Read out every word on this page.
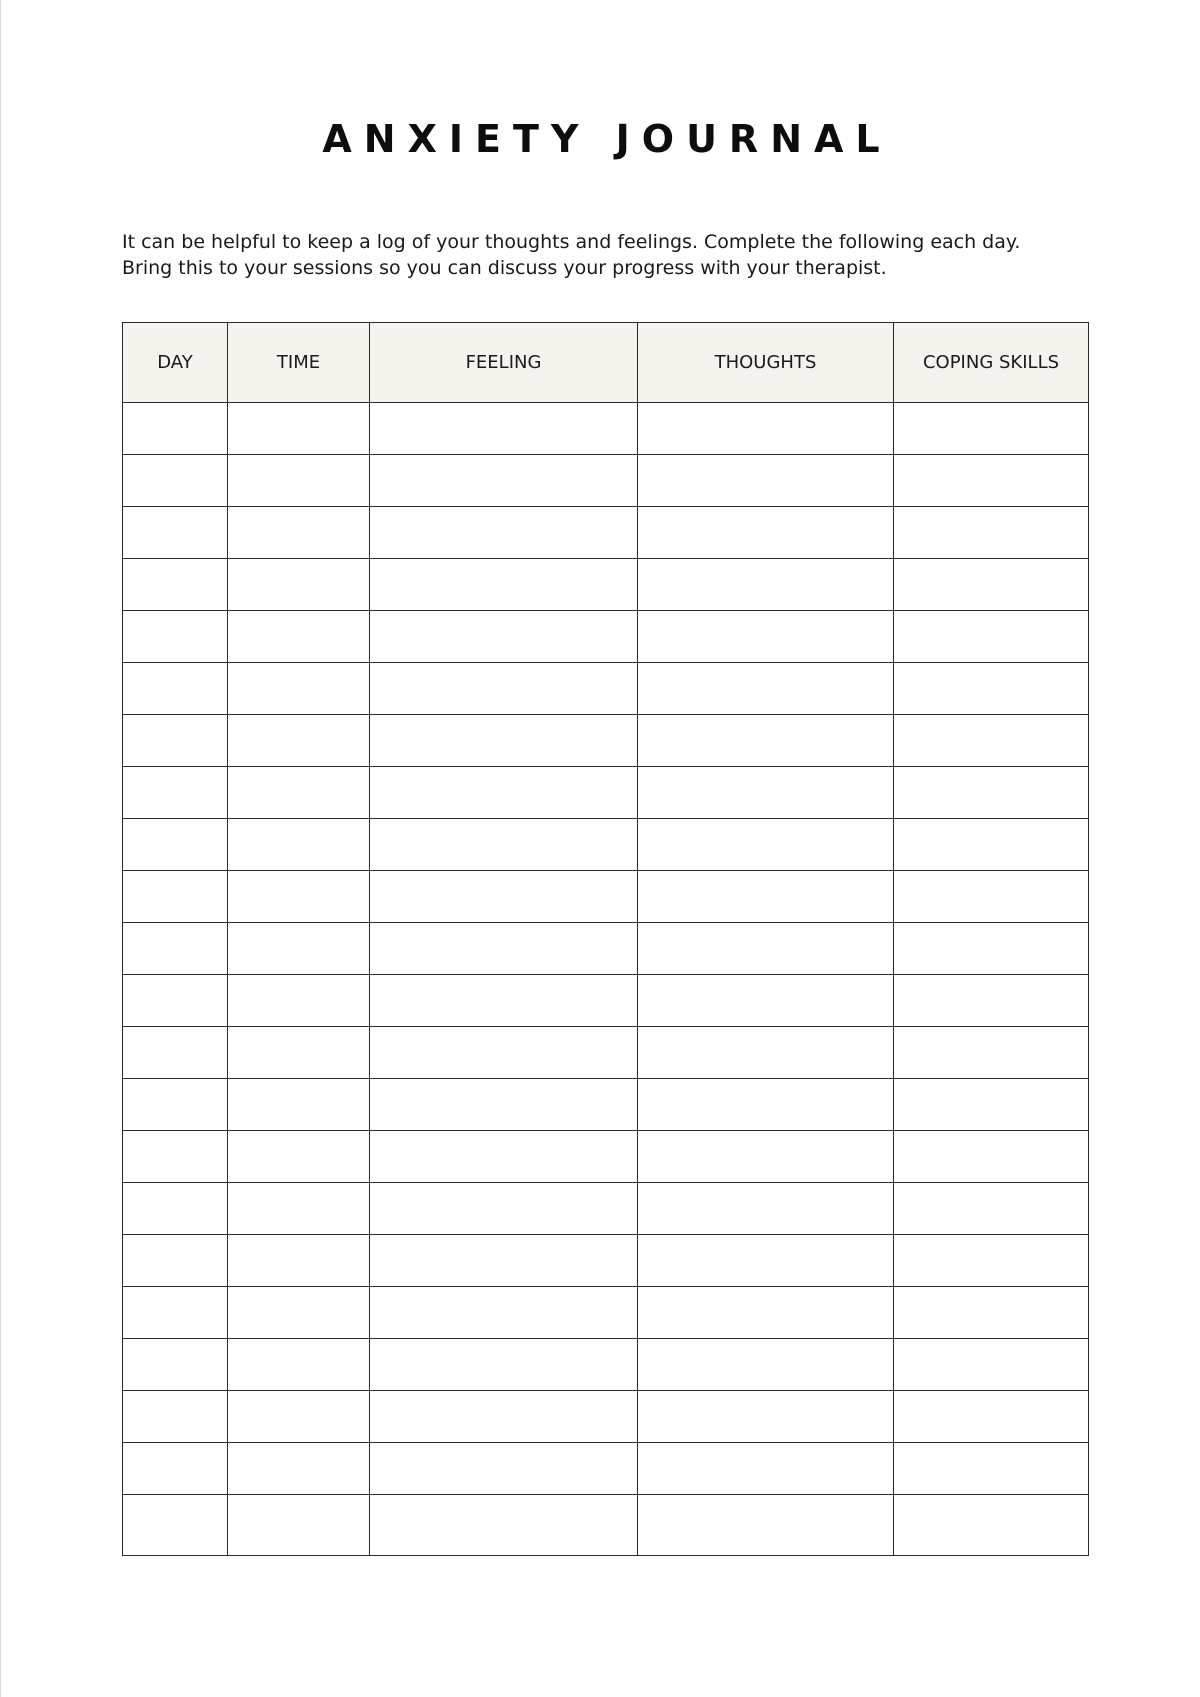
ANXIETY JOURNAL
It can be helpful to keep a log of your thoughts and feelings. Complete the following each day.
Bring this to your sessions so you can discuss your progress with your therapist.
DAY	TIME	FEELING	THOUGHTS	COPING SKILLS
